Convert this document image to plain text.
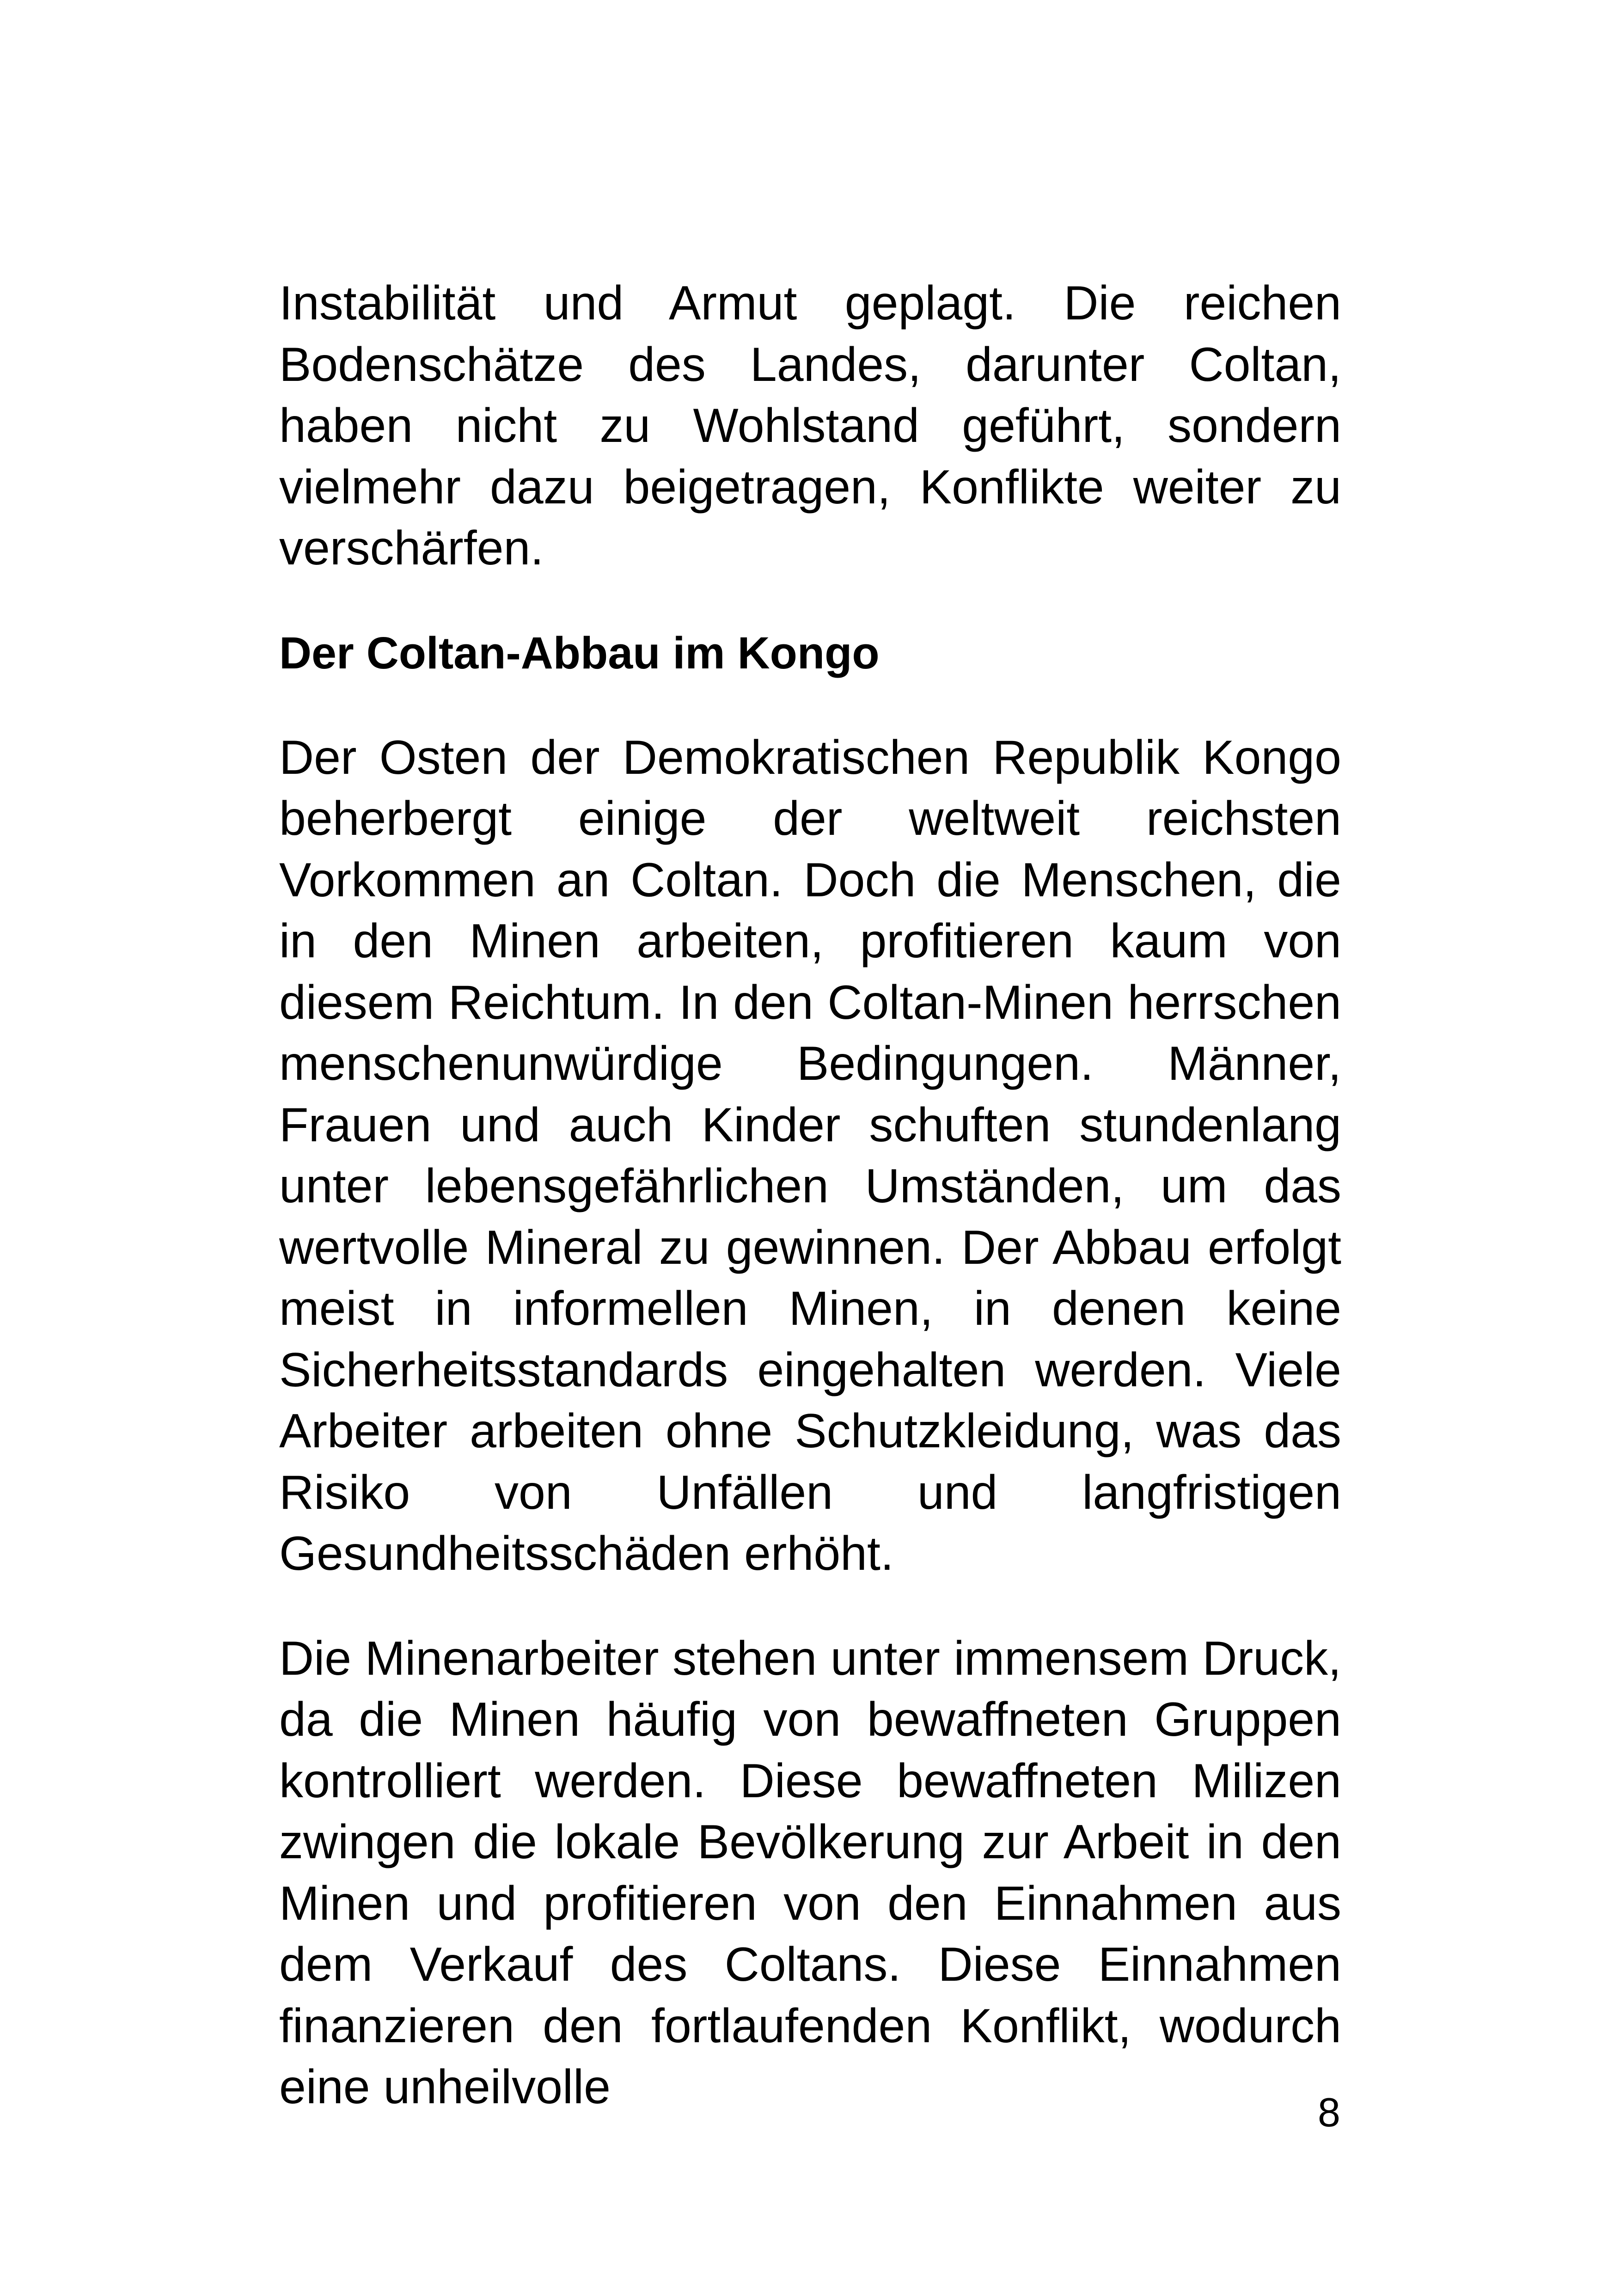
Instabilität und Armut geplagt. Die reichen Bodenschätze des Landes, darunter Coltan, haben nicht zu Wohlstand geführt, sondern vielmehr dazu beigetragen, Konflikte weiter zu verschärfen.

Der Coltan-Abbau im Kongo

Der Osten der Demokratischen Republik Kongo beherbergt einige der weltweit reichsten Vorkommen an Coltan. Doch die Menschen, die in den Minen arbeiten, profitieren kaum von diesem Reichtum. In den Coltan-Minen herrschen menschenunwürdige Bedingungen. Männer, Frauen und auch Kinder schuften stundenlang unter lebensgefährlichen Umständen, um das wertvolle Mineral zu gewinnen. Der Abbau erfolgt meist in informellen Minen, in denen keine Sicherheitsstandards eingehalten werden. Viele Arbeiter arbeiten ohne Schutzkleidung, was das Risiko von Unfällen und langfristigen Gesundheitsschäden erhöht.

Die Minenarbeiter stehen unter immensem Druck, da die Minen häufig von bewaffneten Gruppen kontrolliert werden. Diese bewaffneten Milizen zwingen die lokale Bevölkerung zur Arbeit in den Minen und profitieren von den Einnahmen aus dem Verkauf des Coltans. Diese Einnahmen finanzieren den fortlaufenden Konflikt, wodurch eine unheilvolle	8
